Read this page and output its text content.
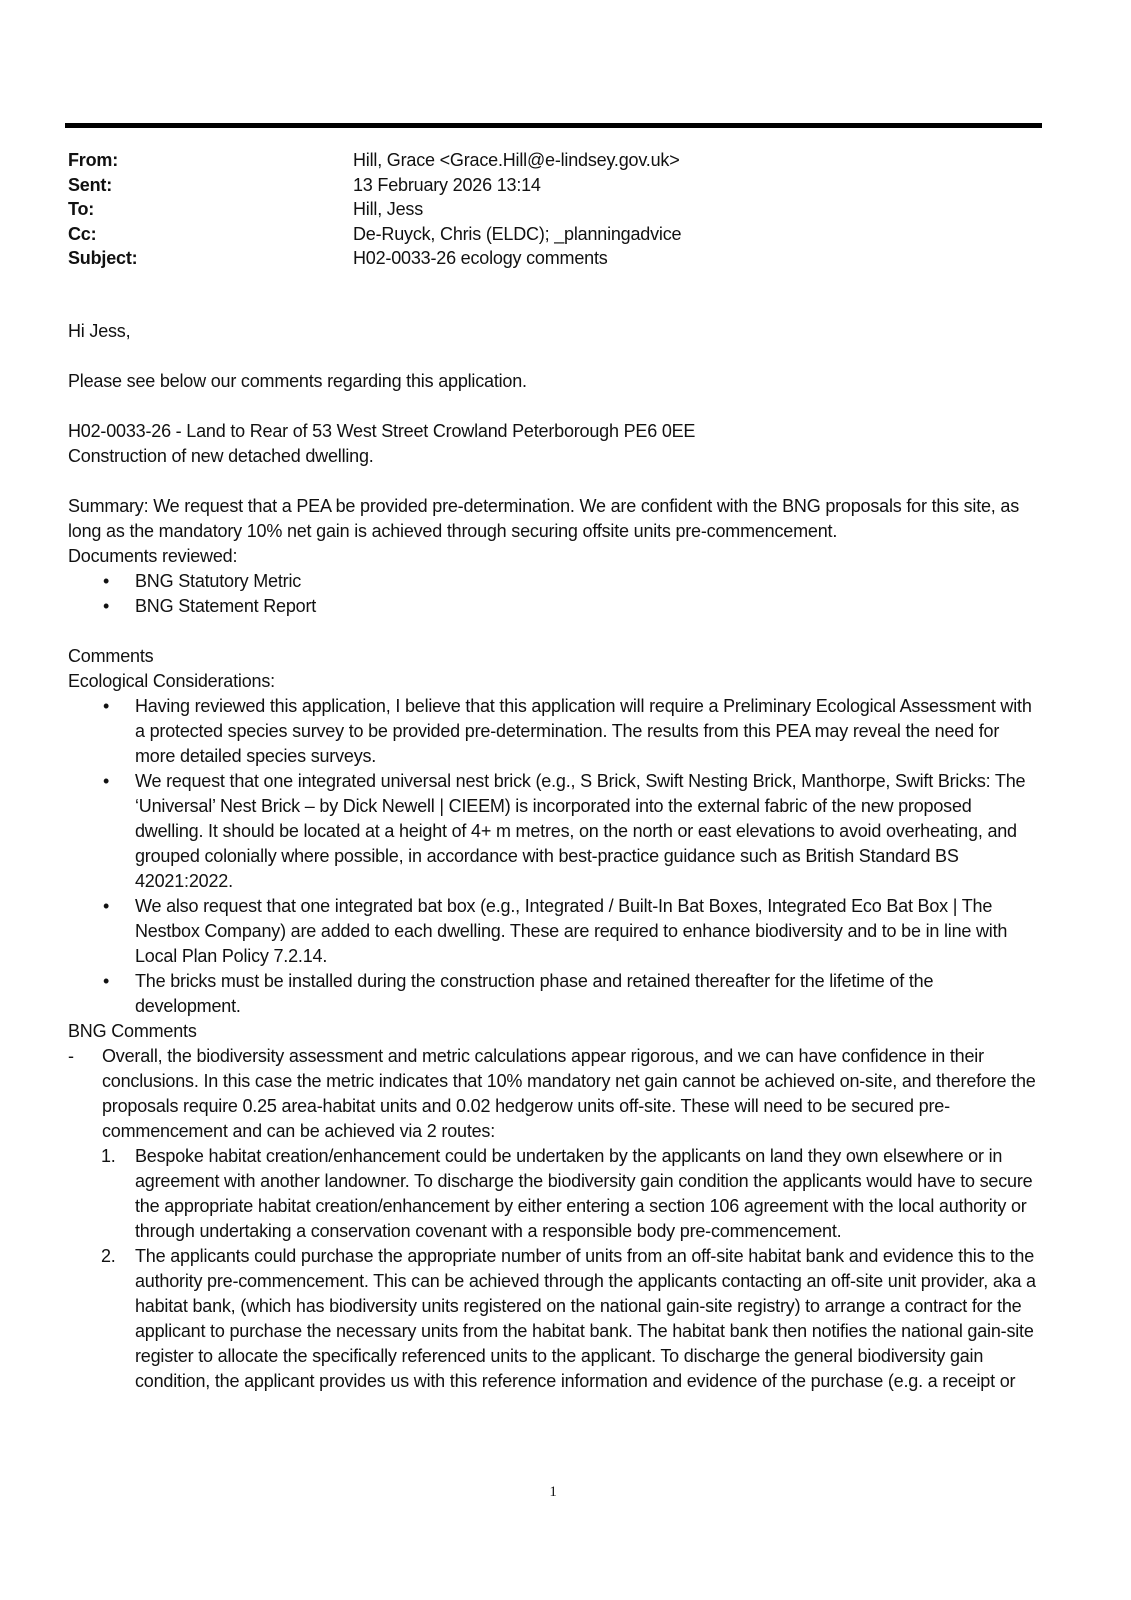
From:	Hill, Grace <Grace.Hill@e-lindsey.gov.uk>
Sent:	13 February 2026 13:14
To:	Hill, Jess
Cc:	De-Ruyck, Chris (ELDC); _planningadvice
Subject:	H02-0033-26 ecology comments

Hi Jess,

Please see below our comments regarding this application.

H02-0033-26 - Land to Rear of 53 West Street Crowland Peterborough PE6 0EE

Construction of new detached dwelling.

Summary: We request that a PEA be provided pre-determination. We are confident with the BNG proposals for this site, as long as the mandatory 10% net gain is achieved through securing offsite units pre-commencement.

Documents reviewed:

• BNG Statutory Metric
• BNG Statement Report

Comments

Ecological Considerations:

• Having reviewed this application, I believe that this application will require a Preliminary Ecological Assessment with a protected species survey to be provided pre-determination. The results from this PEA may reveal the need for more detailed species surveys.
• We request that one integrated universal nest brick (e.g., S Brick, Swift Nesting Brick, Manthorpe, Swift Bricks: The ‘Universal’ Nest Brick – by Dick Newell | CIEEM) is incorporated into the external fabric of the new proposed dwelling. It should be located at a height of 4+ m metres, on the north or east elevations to avoid overheating, and grouped colonially where possible, in accordance with best-practice guidance such as British Standard BS 42021:2022.
• We also request that one integrated bat box (e.g., Integrated / Built-In Bat Boxes, Integrated Eco Bat Box | The Nestbox Company) are added to each dwelling. These are required to enhance biodiversity and to be in line with Local Plan Policy 7.2.14.
• The bricks must be installed during the construction phase and retained thereafter for the lifetime of the development.

BNG Comments

- Overall, the biodiversity assessment and metric calculations appear rigorous, and we can have confidence in their conclusions. In this case the metric indicates that 10% mandatory net gain cannot be achieved on-site, and therefore the proposals require 0.25 area-habitat units and 0.02 hedgerow units off-site. These will need to be secured pre-commencement and can be achieved via 2 routes:

1. Bespoke habitat creation/enhancement could be undertaken by the applicants on land they own elsewhere or in agreement with another landowner. To discharge the biodiversity gain condition the applicants would have to secure the appropriate habitat creation/enhancement by either entering a section 106 agreement with the local authority or through undertaking a conservation covenant with a responsible body pre-commencement.
2. The applicants could purchase the appropriate number of units from an off-site habitat bank and evidence this to the authority pre-commencement. This can be achieved through the applicants contacting an off-site unit provider, aka a habitat bank, (which has biodiversity units registered on the national gain-site registry) to arrange a contract for the applicant to purchase the necessary units from the habitat bank. The habitat bank then notifies the national gain-site register to allocate the specifically referenced units to the applicant. To discharge the general biodiversity gain condition, the applicant provides us with this reference information and evidence of the purchase (e.g. a receipt or
1
